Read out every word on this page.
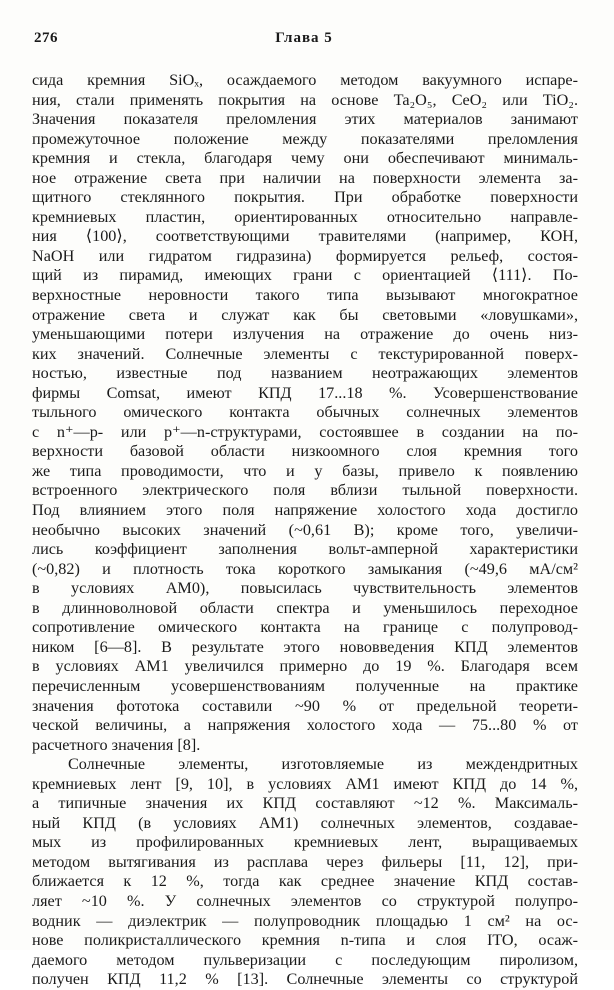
276	Глава 5
сида кремния SiOₓ, осаждаемого методом вакуумного испаре-
ния, стали применять покрытия на основе Ta₂O₅, CeO₂ или TiO₂.
Значения показателя преломления этих материалов занимают
промежуточное положение между показателями преломления
кремния и стекла, благодаря чему они обеспечивают минималь-
ное отражение света при наличии на поверхности элемента за-
щитного стеклянного покрытия. При обработке поверхности
кремниевых пластин, ориентированных относительно направле-
ния ⟨100⟩, соответствующими травителями (например, КОН,
NaOH или гидратом гидразина) формируется рельеф, состоя-
щий из пирамид, имеющих грани с ориентацией ⟨111⟩. По-
верхностные неровности такого типа вызывают многократное
отражение света и служат как бы световыми «ловушками»,
уменьшающими потери излучения на отражение до очень низ-
ких значений. Солнечные элементы с текстурированной поверх-
ностью, известные под названием неотражающих элементов
фирмы Comsat, имеют КПД 17...18 %. Усовершенствование
тыльного омического контакта обычных солнечных элементов
с n⁺—p- или p⁺—n-структурами, состоявшее в создании на по-
верхности базовой области низкоомного слоя кремния того
же типа проводимости, что и у базы, привело к появлению
встроенного электрического поля вблизи тыльной поверхности.
Под влиянием этого поля напряжение холостого хода достигло
необычно высоких значений (~0,61 В); кроме того, увеличи-
лись коэффициент заполнения вольт-амперной характеристики
(~0,82) и плотность тока короткого замыкания (~49,6 мА/см²
в условиях АМ0), повысилась чувствительность элементов
в длинноволновой области спектра и уменьшилось переходное
сопротивление омического контакта на границе с полупровод-
ником [6—8]. В результате этого нововведения КПД элементов
в условиях АМ1 увеличился примерно до 19 %. Благодаря всем
перечисленным усовершенствованиям полученные на практике
значения фототока составили ~90 % от предельной теорети-
ческой величины, а напряжения холостого хода — 75...80 % от
расчетного значения [8].
Солнечные элементы, изготовляемые из междендритных
кремниевых лент [9, 10], в условиях АМ1 имеют КПД до 14 %,
а типичные значения их КПД составляют ~12 %. Максималь-
ный КПД (в условиях АМ1) солнечных элементов, создавае-
мых из профилированных кремниевых лент, выращиваемых
методом вытягивания из расплава через фильеры [11, 12], при-
ближается к 12 %, тогда как среднее значение КПД состав-
ляет ~10 %. У солнечных элементов со структурой полупро-
водник — диэлектрик — полупроводник площадью 1 см² на ос-
нове поликристаллического кремния n-типа и слоя ITO, осаж-
даемого методом пульверизации с последующим пиролизом,
получен КПД 11,2 % [13]. Солнечные элементы со структурой
